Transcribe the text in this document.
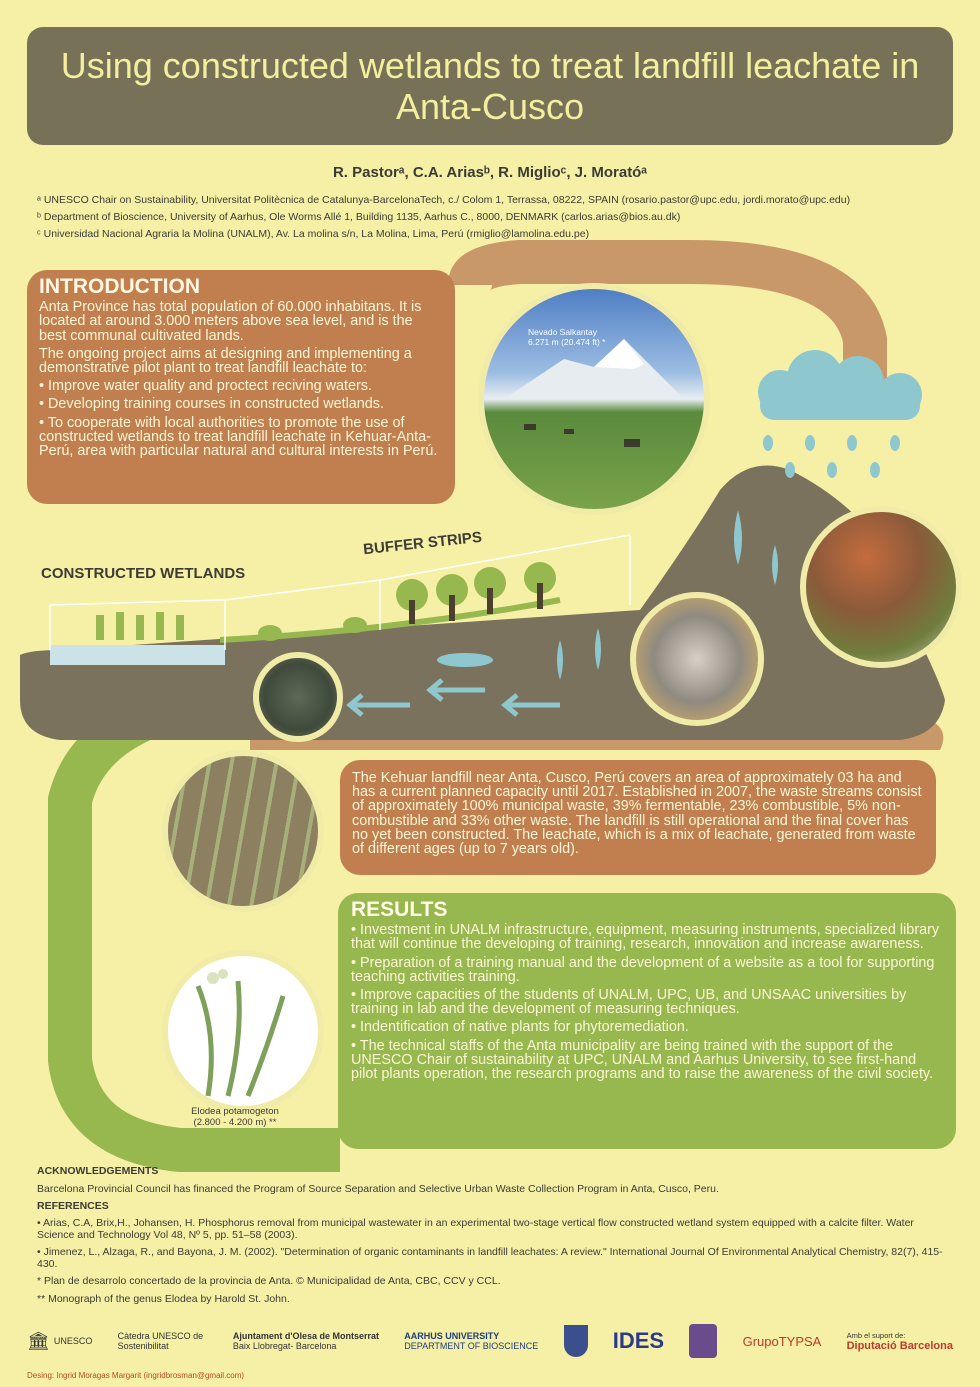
Using constructed wetlands to treat landfill leachate in Anta-Cusco
R. Pastorᵃ, C.A. Ariasᵇ, R. Miglioᶜ, J. Moratóᵃ
ᵃ UNESCO Chair on Sustainability, Universitat Politècnica de Catalunya-BarcelonaTech, c./ Colom 1, Terrassa, 08222, SPAIN (rosario.pastor@upc.edu, jordi.morato@upc.edu)
ᵇ Department of Bioscience, University of Aarhus, Ole Worms Allé 1, Building 1135, Aarhus C., 8000, DENMARK (carlos.arias@bios.au.dk)
ᶜ Universidad Nacional Agraria la Molina (UNALM), Av. La molina s/n, La Molina, Lima, Perú (rmiglio@lamolina.edu.pe)
INTRODUCTION

Anta Province has total population of 60.000 inhabitans. It is located at around 3.000 meters above sea level, and is the best communal cultivated lands.

The ongoing project aims at designing and implementing a demonstrative pilot plant to treat landfill leachate to:

• Improve water quality and proctect reciving waters.

• Developing training courses in constructed wetlands.

• To cooperate with local authorities to promote the use of constructed wetlands to treat landfill leachate in Kehuar-Anta-Perú, area with particular natural and cultural interests in Perú.

Nevado Salkantay
6.271 m (20.474 ft) *
Elodea potamogeton
(2.800 - 4.200 m) **
CONSTRUCTED WETLANDS
BUFFER STRIPS

The Kehuar landfill near Anta, Cusco, Perú covers an area of approximately 03 ha and has a current planned capacity until 2017. Established in 2007, the waste streams consist of approximately 100% municipal waste, 39% fermentable, 23% combustible, 5% non-combustible and 33% other waste. The landfill is still operational and the final cover has no yet been constructed. The leachate, which is a mix of leachate, generated from waste of different ages (up to 7 years old).

RESULTS

• Investment in UNALM infrastructure, equipment, measuring instruments, specialized library that will continue the developing of training, research, innovation and increase awareness.

• Preparation of a training manual and the development of a website as a tool for supporting teaching activities training.

• Improve capacities of the students of UNALM, UPC, UB, and UNSAAC universities by training in lab and the development of measuring techniques.

• Indentification of native plants for phytoremediation.

• The technical staffs of the Anta municipality are being trained with the support of the UNESCO Chair of sustainability at UPC, UNALM and Aarhus University, to see first-hand pilot plants operation, the research programs and to raise the awareness of the civil society.

ACKNOWLEDGEMENTS
Barcelona Provincial Council has financed the Program of Source Separation and Selective Urban Waste Collection Program in Anta, Cusco, Peru.
REFERENCES
• Arias, C.A, Brix,H., Johansen, H. Phosphorus removal from municipal wastewater in an experimental two-stage vertical flow constructed wetland system equipped with a calcite filter. Water Science and Technology Vol 48, Nº 5, pp. 51–58 (2003).
• Jimenez, L., Alzaga, R., and Bayona, J. M. (2002). "Determination of organic contaminants in landfill leachates: A review." International Journal Of Environmental Analytical Chemistry, 82(7), 415-430.
* Plan de desarrolo concertado de la provincia de Anta. © Municipalidad de Anta, CBC, CCV y CCL.
** Monograph of the genus Elodea by Harold St. John.
🏛 UNESCO	Càtedra UNESCO de Sostenibilitat
Ajuntament d'Olesa de Montserrat
Baix Llobregat- Barcelona
AARHUS UNIVERSITY
DEPARTMENT OF BIOSCIENCE	IDES	GrupoTYPSA	Amb el suport de:
Diputació Barcelona
Desing: Ingrid Moragas Margarit (ingridbrosman@gmail.com)
